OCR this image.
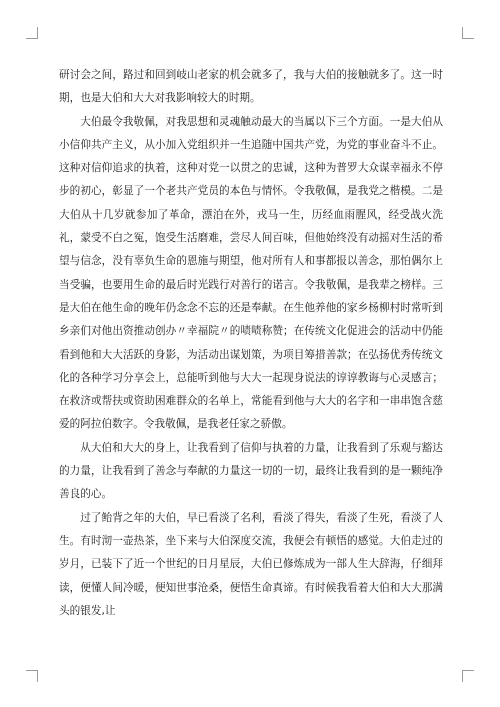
研讨会之间，路过和回到岐山老家的机会就多了，我与大伯的接触就多了。这一时期，也是大伯和大大对我影响较大的时期。

大伯最令我敬佩，对我思想和灵魂触动最大的当属以下三个方面。一是大伯从小信仰共产主义，从小加入党组织并一生追随中国共产党，为党的事业奋斗不止。这种对信仰追求的执着，这种对党一以贯之的忠诚，这种为普罗大众谋幸福永不停步的初心，彰显了一个老共产党员的本色与情怀。令我敬佩，是我党之楷模。二是大伯从十几岁就参加了革命，漂泊在外，戎马一生，历经血雨腥风，经受战火洗礼，蒙受不白之冤，饱受生活磨难，尝尽人间百味，但他始终没有动摇对生活的希望与信念，没有辜负生命的恩施与期望，他对所有人和事都报以善念，那怕偶尔上当受骗，也要用生命的最后时光践行对善行的诺言。令我敬佩，是我辈之榜样。三是大伯在他生命的晚年仍念念不忘的还是奉献。在生他养他的家乡杨柳村时常听到乡亲们对他出资推动创办〃幸福院〃的啧啧称赞；在传统文化促进会的活动中仍能看到他和大大活跃的身影，为活动出谋划策，为项目筹措善款；在弘扬优秀传统文化的各种学习分享会上，总能听到他与大大一起现身说法的谆谆教诲与心灵感言；在救济或帮扶或资助困难群众的名单上，常能看到他与大大的名字和一串串饱含慈爱的阿拉伯数字。令我敬佩，是我老任家之骄傲。

从大伯和大大的身上，让我看到了信仰与执着的力量，让我看到了乐观与豁达的力量，让我看到了善念与奉献的力量这一切的一切，最终让我看到的是一颗纯净善良的心。

过了鲐背之年的大伯，早已看淡了名利，看淡了得失，看淡了生死，看淡了人生。有时沏一壶热茶，坐下来与大伯深度交流，我便会有顿悟的感觉。大伯走过的岁月，已装下了近一个世纪的日月星辰，大伯已修炼成为一部人生大辞海，仔细拜读，便懂人间冷暖，便知世事沧桑，便悟生命真谛。有时候我看着大伯和大大那满头的银发,让
